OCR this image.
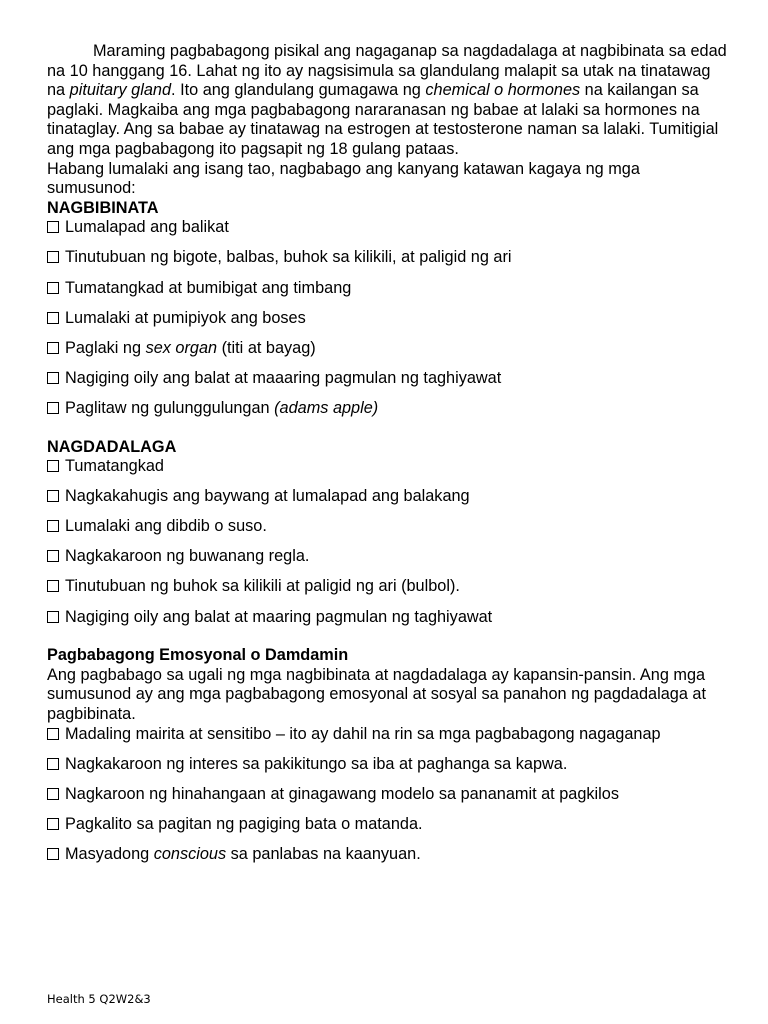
Maraming pagbabagong pisikal ang nagaganap sa nagdadalaga at nagbibinata sa edad na 10 hanggang 16. Lahat ng ito ay nagsisimula sa glandulang malapit sa utak na tinatawag na pituitary gland. Ito ang glandulang gumagawa ng chemical o hormones na kailangan sa paglaki. Magkaiba ang mga pagbabagong nararanasan ng babae at lalaki sa hormones na tinataglay. Ang sa babae ay tinatawag na estrogen at testosterone naman sa lalaki. Tumitigial ang mga pagbabagong ito pagsapit ng 18 gulang pataas.

Habang lumalaki ang isang tao, nagbabago ang kanyang katawan kagaya ng mga sumusunod:

NAGBIBINATA

Lumalapad ang balikat

Tinutubuan ng bigote, balbas, buhok sa kilikili, at paligid ng ari

Tumatangkad at bumibigat ang timbang

Lumalaki at pumipiyok ang boses

Paglaki ng sex organ (titi at bayag)

Nagiging oily ang balat at maaaring pagmulan ng taghiyawat

Paglitaw ng gulunggulungan (adams apple)

NAGDADALAGA

Tumatangkad

Nagkakahugis ang baywang at lumalapad ang balakang

Lumalaki ang dibdib o suso.

Nagkakaroon ng buwanang regla.

Tinutubuan ng buhok sa kilikili at paligid ng ari (bulbol).

Nagiging oily ang balat at maaring pagmulan ng taghiyawat

Pagbabagong Emosyonal o Damdamin

Ang pagbabago sa ugali ng mga nagbibinata at nagdadalaga ay kapansin-pansin. Ang mga sumusunod ay ang mga pagbabagong emosyonal at sosyal sa panahon ng pagdadalaga at pagbibinata.

Madaling mairita at sensitibo – ito ay dahil na rin sa mga pagbabagong nagaganap

Nagkakaroon ng interes sa pakikitungo sa iba at paghanga sa kapwa.

Nagkaroon ng hinahangaan at ginagawang modelo sa pananamit at pagkilos

Pagkalito sa pagitan ng pagiging bata o matanda.

Masyadong conscious sa panlabas na kaanyuan.

Health 5 Q2W2&3
